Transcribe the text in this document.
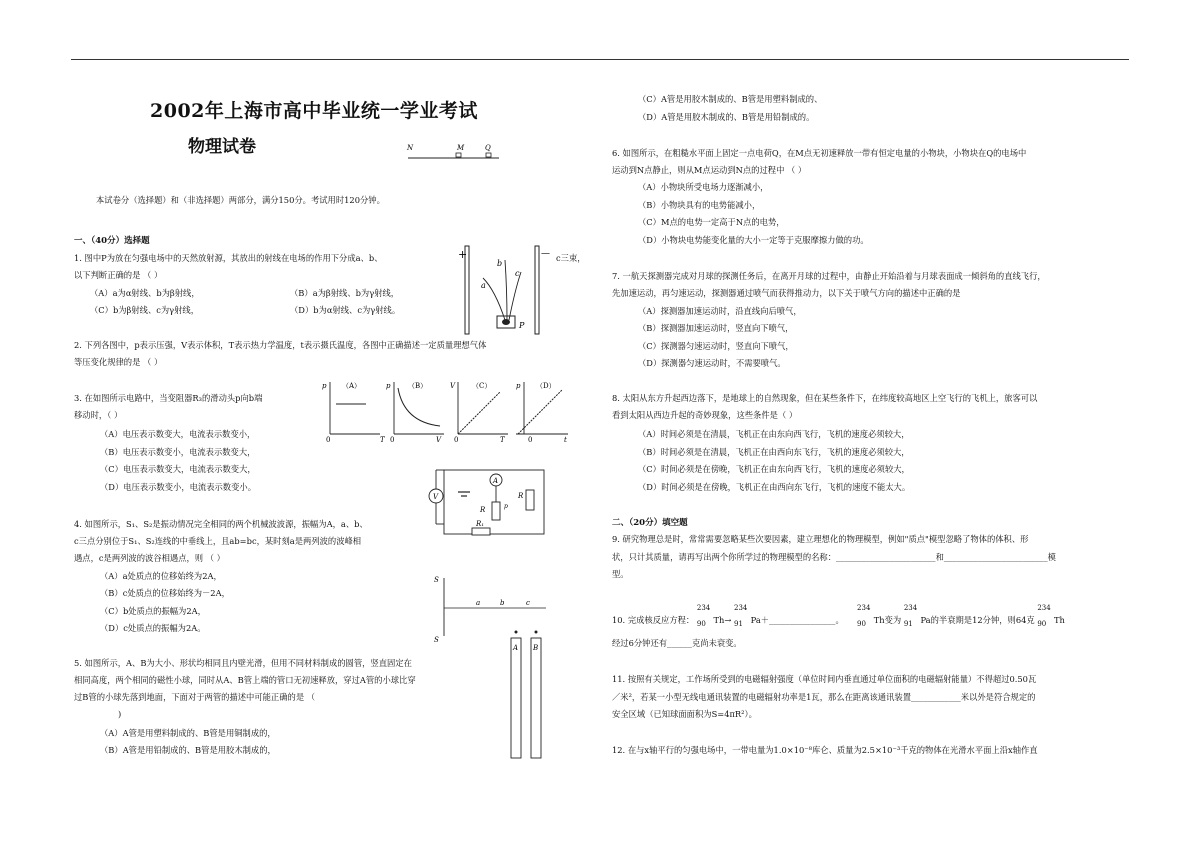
2002年上海市高中毕业统一学业考试
物理试卷	N	M	Q
本试卷分（选择题）和（非选择题）两部分，满分150分。考试用时120分钟。
一、（40分）选择题
1. 图中P为放在匀强电场中的天然放射源，其放出的射线在电场的作用下分成a、b、	c三束，
以下判断正确的是 （ ）
（A）a为α射线、b为β射线，	（B）a为β射线、b为γ射线，
（C）b为β射线、c为γ射线，	（D）b为α射线、c为γ射线。
+	—
a
b
c
P
2. 下列各图中，p表示压强，V表示体积，T表示热力学温度，t表示摄氏温度，各图中正确描述一定质量理想气体
等压变化规律的是 （ ）
p
T
0
（A）	p
V
0
（B）	V
T
0
（C）	p
t
0
（D）
3. 在如图所示电路中，当变阻器R₃的滑动头p向b端
移动时，（ ）
（A）电压表示数变大，电流表示数变小，
（B）电压表示数变小，电流表示数变大，
（C）电压表示数变大，电流表示数变大，
（D）电压表示数变小，电流表示数变小。
V
A
R	p
R
R₁
4. 如图所示，S₁、S₂是振动情况完全相同的两个机械波波源，振幅为A，a、b、
c三点分别位于S₁、S₂连线的中垂线上，且ab=bc，某时刻a是两列波的波峰相
遇点，c是两列波的波谷相遇点，则 （ ）
（A）a处质点的位移始终为2A，
（B）c处质点的位移始终为－2A，
（C）b处质点的振幅为2A，
（D）c处质点的振幅为2A。
S
S
a	b	c
A B
5. 如图所示，A、B为大小、形状均相同且内壁光滑，但用不同材料制成的圆管，竖直固定在
相同高度，两个相同的磁性小球，同时从A、B管上端的管口无初速释放，穿过A管的小球比穿
过B管的小球先落到地面，下面对于两管的描述中可能正确的是 （
)
（A）A管是用塑料制成的、B管是用铜制成的，
（B）A管是用铅制成的、B管是用胶木制成的，
（C）A管是用胶木制成的、B管是用塑料制成的、
（D）A管是用胶木制成的、B管是用铅制成的。
6. 如图所示，在粗糙水平面上固定一点电荷Q，在M点无初速释放一带有恒定电量的小物块，小物块在Q的电场中
运动到N点静止，则从M点运动到N点的过程中 （ ）
（A）小物块所受电场力逐渐减小，
（B）小物块具有的电势能减小，
（C）M点的电势一定高于N点的电势，
（D）小物块电势能变化量的大小一定等于克服摩擦力做的功。
7. 一航天探测器完成对月球的探测任务后，在离开月球的过程中，由静止开始沿着与月球表面成一倾斜角的直线飞行，
先加速运动，再匀速运动，探测器通过喷气而获得推动力，以下关于喷气方向的描述中正确的是
（A）探测器加速运动时，沿直线向后喷气，
（B）探测器加速运动时，竖直向下喷气，
（C）探测器匀速运动时，竖直向下喷气，
（D）探测器匀速运动时，不需要喷气。
8. 太阳从东方升起西边落下，是地球上的自然现象，但在某些条件下，在纬度较高地区上空飞行的飞机上，旅客可以
看到太阳从西边升起的奇妙现象，这些条件是（ ）
（A）时间必须是在清晨，飞机正在由东向西飞行，飞机的速度必须较大，
（B）时间必须是在清晨，飞机正在由西向东飞行，飞机的速度必须较大，
（C）时间必须是在傍晚，飞机正在由东向西飞行，飞机的速度必须较大，
（D）时间必须是在傍晚，飞机正在由西向东飞行，飞机的速度不能太大。
二、（20分）填空题
9. 研究物理总是时，常常需要忽略某些次要因素，建立理想化的物理模型，例如"质点"模型忽略了物体的体积、形
状，只计其质量，请再写出两个你所学过的物理模型的名称：________________________和_________________________模
型。
10. 完成核反应方程：
234
90 Th→
234
91 Pa＋________________。
234
90 Th变为
234
91 Pa的半衰期是12分钟，则64克
234
90 Th
经过6分钟还有______克尚未衰变。
11. 按照有关规定，工作场所受到的电磁辐射强度（单位时间内垂直通过单位面积的电磁辐射能量）不得超过0.50瓦
／米²，若某一小型无线电通讯装置的电磁辐射功率是1瓦，那么在距离该通讯装置____________米以外是符合规定的
安全区域（已知球面面积为S=4πR²）。
12. 在与x轴平行的匀强电场中，一带电量为1.0×10⁻⁸库仑、质量为2.5×10⁻³千克的物体在光滑水平面上沿x轴作直
